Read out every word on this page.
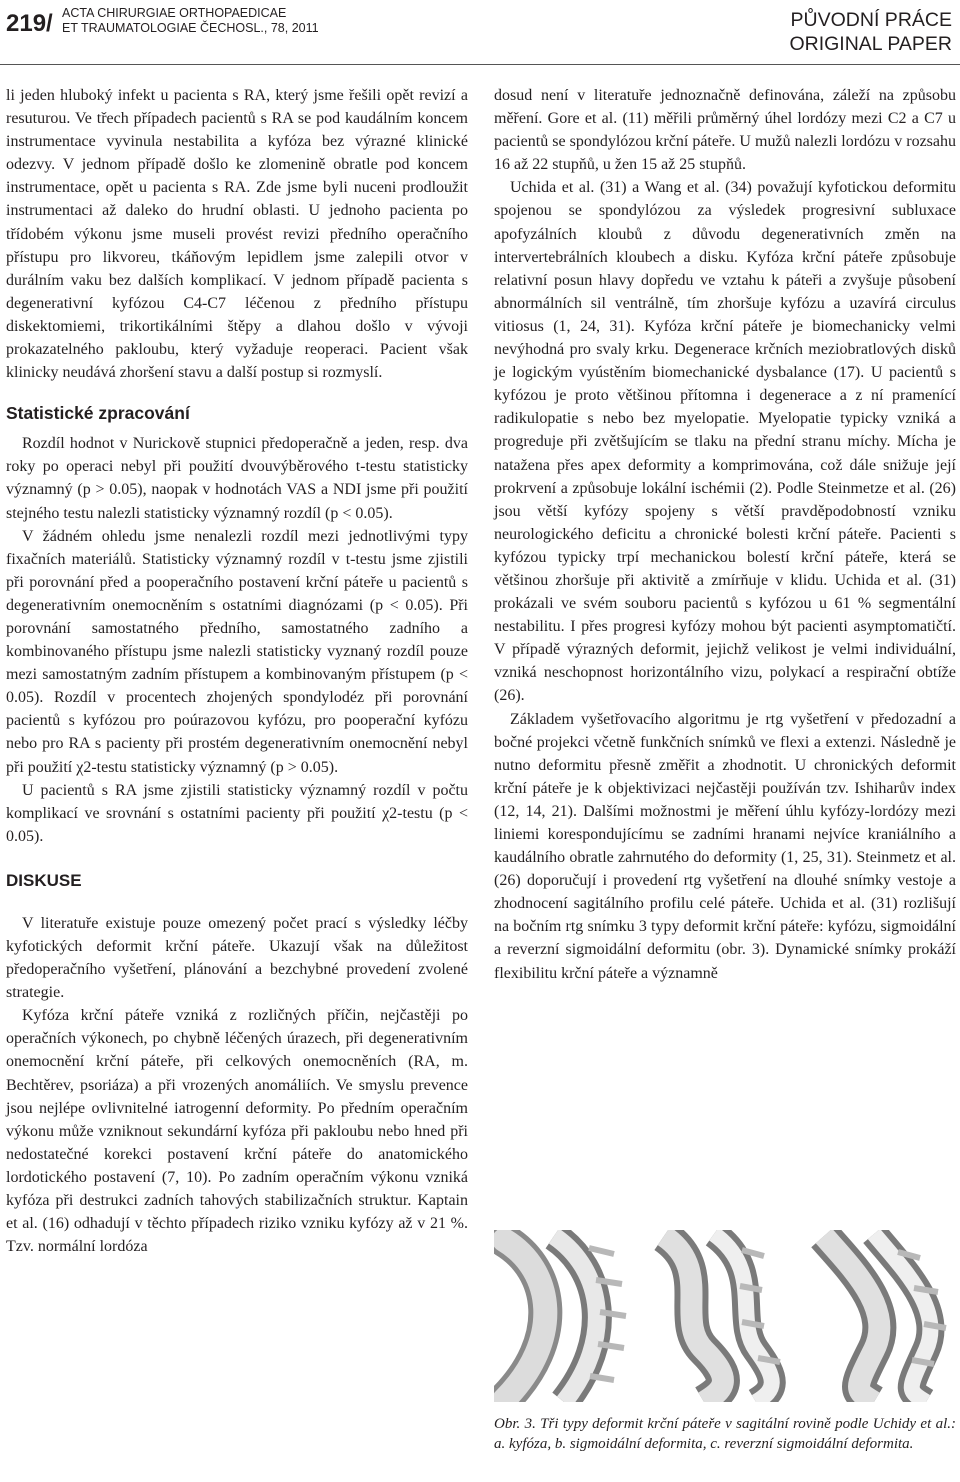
219/ ACTA CHIRURGIAE ORTHOPAEDICAE
ET TRAUMATOLOGIAE ČECHOSL., 78, 2011	PŮVODNÍ PRÁCE
ORIGINAL PAPER

li jeden hluboký infekt u pacienta s RA, který jsme řešili opět revizí a resuturou. Ve třech případech pacientů s RA se pod kaudálním koncem instrumentace vyvinula nestabilita a kyfóza bez výrazné klinické odezvy. V jednom případě došlo ke zlomenině obratle pod koncem instrumentace, opět u pacienta s RA. Zde jsme byli nuceni prodloužit instrumentaci až daleko do hrudní oblasti. U jednoho pacienta po třídobém výkonu jsme museli provést revizi předního operačního přístupu pro likvoreu, tkáňovým lepidlem jsme zalepili otvor v durálním vaku bez dalších komplikací. V jednom případě pacienta s degenerativní kyfózou C4-C7 léčenou z předního přístupu diskektomiemi, trikortikálními štěpy a dlahou došlo v vývoji prokazatelného pakloubu, který vyžaduje reoperaci. Pacient však klinicky neudává zhoršení stavu a další postup si rozmyslí.

Statistické zpracování

Rozdíl hodnot v Nurickově stupnici předoperačně a jeden, resp. dva roky po operaci nebyl při použití dvouvýběrového t-testu statisticky významný (p > 0.05), naopak v hodnotách VAS a NDI jsme při použití stejného testu nalezli statisticky významný rozdíl (p < 0.05).

V žádném ohledu jsme nenalezli rozdíl mezi jednotlivými typy fixačních materiálů. Statisticky významný rozdíl v t-testu jsme zjistili při porovnání před a pooperačního postavení krční páteře u pacientů s degenerativním onemocněním s ostatními diagnózami (p < 0.05). Při porovnání samostatného předního, samostatného zadního a kombinovaného přístupu jsme nalezli statisticky vyznaný rozdíl pouze mezi samostatným zadním přístupem a kombinovaným přístupem (p < 0.05). Rozdíl v procentech zhojených spondylodéz při porovnání pacientů s kyfózou pro poúrazovou kyfózu, pro pooperační kyfózu nebo pro RA s pacienty při prostém degenerativním onemocnění nebyl při použití χ2-testu statisticky významný (p > 0.05).

U pacientů s RA jsme zjistili statisticky významný rozdíl v počtu komplikací ve srovnání s ostatními pacienty při použití χ2-testu (p < 0.05).

DISKUSE

V literatuře existuje pouze omezený počet prací s výsledky léčby kyfotických deformit krční páteře. Ukazují však na důležitost předoperačního vyšetření, plánování a bezchybné provedení zvolené strategie.

Kyfóza krční páteře vzniká z rozličných příčin, nejčastěji po operačních výkonech, po chybně léčených úrazech, při degenerativním onemocnění krční páteře, při celkových onemocněních (RA, m. Bechtěrev, psoriáza) a při vrozených anomáliích. Ve smyslu prevence jsou nejlépe ovlivnitelné iatrogenní deformity. Po předním operačním výkonu může vzniknout sekundární kyfóza při pakloubu nebo hned při nedostatečné korekci postavení krční páteře do anatomického lordotického postavení (7, 10). Po zadním operačním výkonu vzniká kyfóza při destrukci zadních tahových stabilizačních struktur. Kaptain et al. (16) odhadují v těchto případech riziko vzniku kyfózy až v 21 %. Tzv. normální lordóza

dosud není v literatuře jednoznačně definována, záleží na způsobu měření. Gore et al. (11) měřili průměrný úhel lordózy mezi C2 a C7 u pacientů se spondylózou krční páteře. U mužů nalezli lordózu v rozsahu 16 až 22 stupňů, u žen 15 až 25 stupňů.

Uchida et al. (31) a Wang et al. (34) považují kyfotickou deformitu spojenou se spondylózou za výsledek progresivní subluxace apofyzálních kloubů z důvodu degenerativních změn na intervertebrálních kloubech a disku. Kyfóza krční páteře způsobuje relativní posun hlavy dopředu ve vztahu k páteři a zvyšuje působení abnormálních sil ventrálně, tím zhoršuje kyfózu a uzavírá circulus vitiosus (1, 24, 31). Kyfóza krční páteře je biomechanicky velmi nevýhodná pro svaly krku. Degenerace krčních meziobratlových disků je logickým vyústěním biomechanické dysbalance (17). U pacientů s kyfózou je proto většinou přítomna i degenerace a z ní pramenící radikulopatie s nebo bez myelopatie. Myelopatie typicky vzniká a progreduje při zvětšujícím se tlaku na přední stranu míchy. Mícha je natažena přes apex deformity a komprimována, což dále snižuje její prokrvení a způsobuje lokální ischémii (2). Podle Steinmetze et al. (26) jsou větší kyfózy spojeny s větší pravděpodobností vzniku neurologického deficitu a chronické bolesti krční páteře. Pacienti s kyfózou typicky trpí mechanickou bolestí krční páteře, která se většinou zhoršuje při aktivitě a zmírňuje v klidu. Uchida et al. (31) prokázali ve svém souboru pacientů s kyfózou u 61 % segmentální nestabilitu. I přes progresi kyfózy mohou být pacienti asymptomatičtí. V případě výrazných deformit, jejichž velikost je velmi individuální, vzniká neschopnost horizontálního vizu, polykací a respirační obtíže (26).

Základem vyšetřovacího algoritmu je rtg vyšetření v předozadní a bočné projekci včetně funkčních snímků ve flexi a extenzi. Následně je nutno deformitu přesně změřit a zhodnotit. U chronických deformit krční páteře je k objektivizaci nejčastěji používán tzv. Ishiharův index (12, 14, 21). Dalšími možnostmi je měření úhlu kyfózy-lordózy mezi liniemi korespondujícímu se zadními hranami nejvíce kraniálního a kaudálního obratle zahrnutého do deformity (1, 25, 31). Steinmetz et al. (26) doporučují i provedení rtg vyšetření na dlouhé snímky vestoje a zhodnocení sagitálního profilu celé páteře. Uchida et al. (31) rozlišují na bočním rtg snímku 3 typy deformit krční páteře: kyfózu, sigmoidální a reverzní sigmoidální deformitu (obr. 3). Dynamické snímky prokáží flexibilitu krční páteře a významně

Obr. 3. Tři typy deformit krční páteře v sagitální rovině podle Uchidy et al.: a. kyfóza, b. sigmoidální deformita, c. reverzní sigmoidální deformita.
